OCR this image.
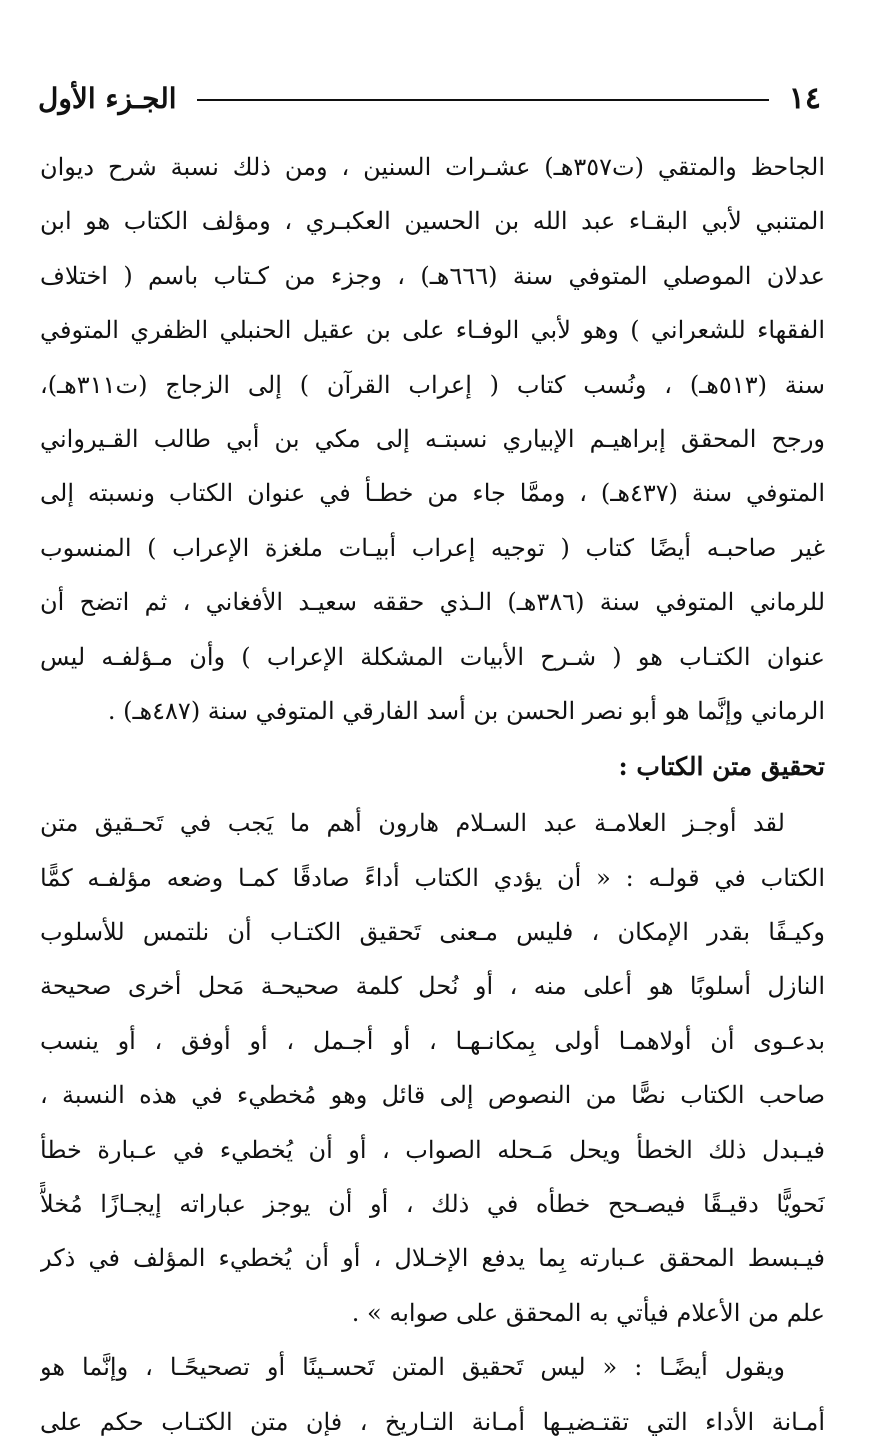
١٤
الجـزء الأول
الجاحظ والمتقي (ت٣٥٧هـ) عشـرات السنين ، ومن ذلك نسبة شرح ديوان
المتنبي لأبي البقـاء عبد الله بن الحسين العكبـري ، ومؤلف الكتاب هو ابن
عدلان الموصلي المتوفي سنة (٦٦٦هـ) ، وجزء من كـتاب باسم ( اختلاف
الفقهاء للشعراني ) وهو لأبي الوفـاء على بن عقيل الحنبلي الظفري المتوفي
سنة (٥١٣هـ) ، ونُسب كتاب ( إعراب القرآن ) إلى الزجاج (ت٣١١هـ)،
ورجح المحقق إبراهيـم الإبياري نسبتـه إلى مكي بن أبي طالب القـيرواني
المتوفي سنة (٤٣٧هـ) ، وممَّا جاء من خطـأ في عنوان الكتاب ونسبته إلى
غير صاحبـه أيضًا كتاب ( توجيه إعراب أبيـات ملغزة الإعراب ) المنسوب
للرماني المتوفي سنة (٣٨٦هـ) الـذي حققه سعيـد الأفغاني ، ثم اتضح أن
عنوان الكتـاب هو ( شـرح الأبيات المشكلة الإعراب ) وأن مـؤلفـه ليس
الرماني وإنَّما هو أبو نصر الحسن بن أسد الفارقي المتوفي سنة (٤٨٧هـ) .
تحقيق متن الكتاب :
لقد أوجـز العلامـة عبد السـلام هارون أهم ما يَجب في تَحـقيق متن
الكتاب في قولـه : « أن يؤدي الكتاب أداءً صادقًا كمـا وضعه مؤلفـه كمًّا
وكيـفًا بقدر الإمكان ، فليس مـعنى تَحقيق الكتـاب أن نلتمس للأسلوب
النازل أسلوبًا هو أعلى منه ، أو نُحل كلمة صحيحـة مَحل أخرى صحيحة
بدعـوى أن أولاهمـا أولى بِمكانـهـا ، أو أجـمل ، أو أوفق ، أو ينسب
صاحب الكتاب نصًّا من النصوص إلى قائل وهو مُخطيء في هذه النسبة ،
فيـبدل ذلك الخطأ ويحل مَـحله الصواب ، أو أن يُخطيء في عـبارة خطأ
نَحويًّا دقيـقًا فيصـحح خطأه في ذلك ، أو أن يوجز عباراته إيجـازًا مُخلاًّ
فيـبسط المحقق عـبارته بِما يدفع الإخـلال ، أو أن يُخطيء المؤلف في ذكر
علم من الأعلام فيأتي به المحقق على صوابه » .
ويقول أيضًـا : « ليس تَحقيق المتن تَحسـينًا أو تصحيحًـا ، وإنَّما هو
أمـانة الأداء التي تقتـضيـها أمـانة التـاريخ ، فإن متن الكتـاب حكم على
